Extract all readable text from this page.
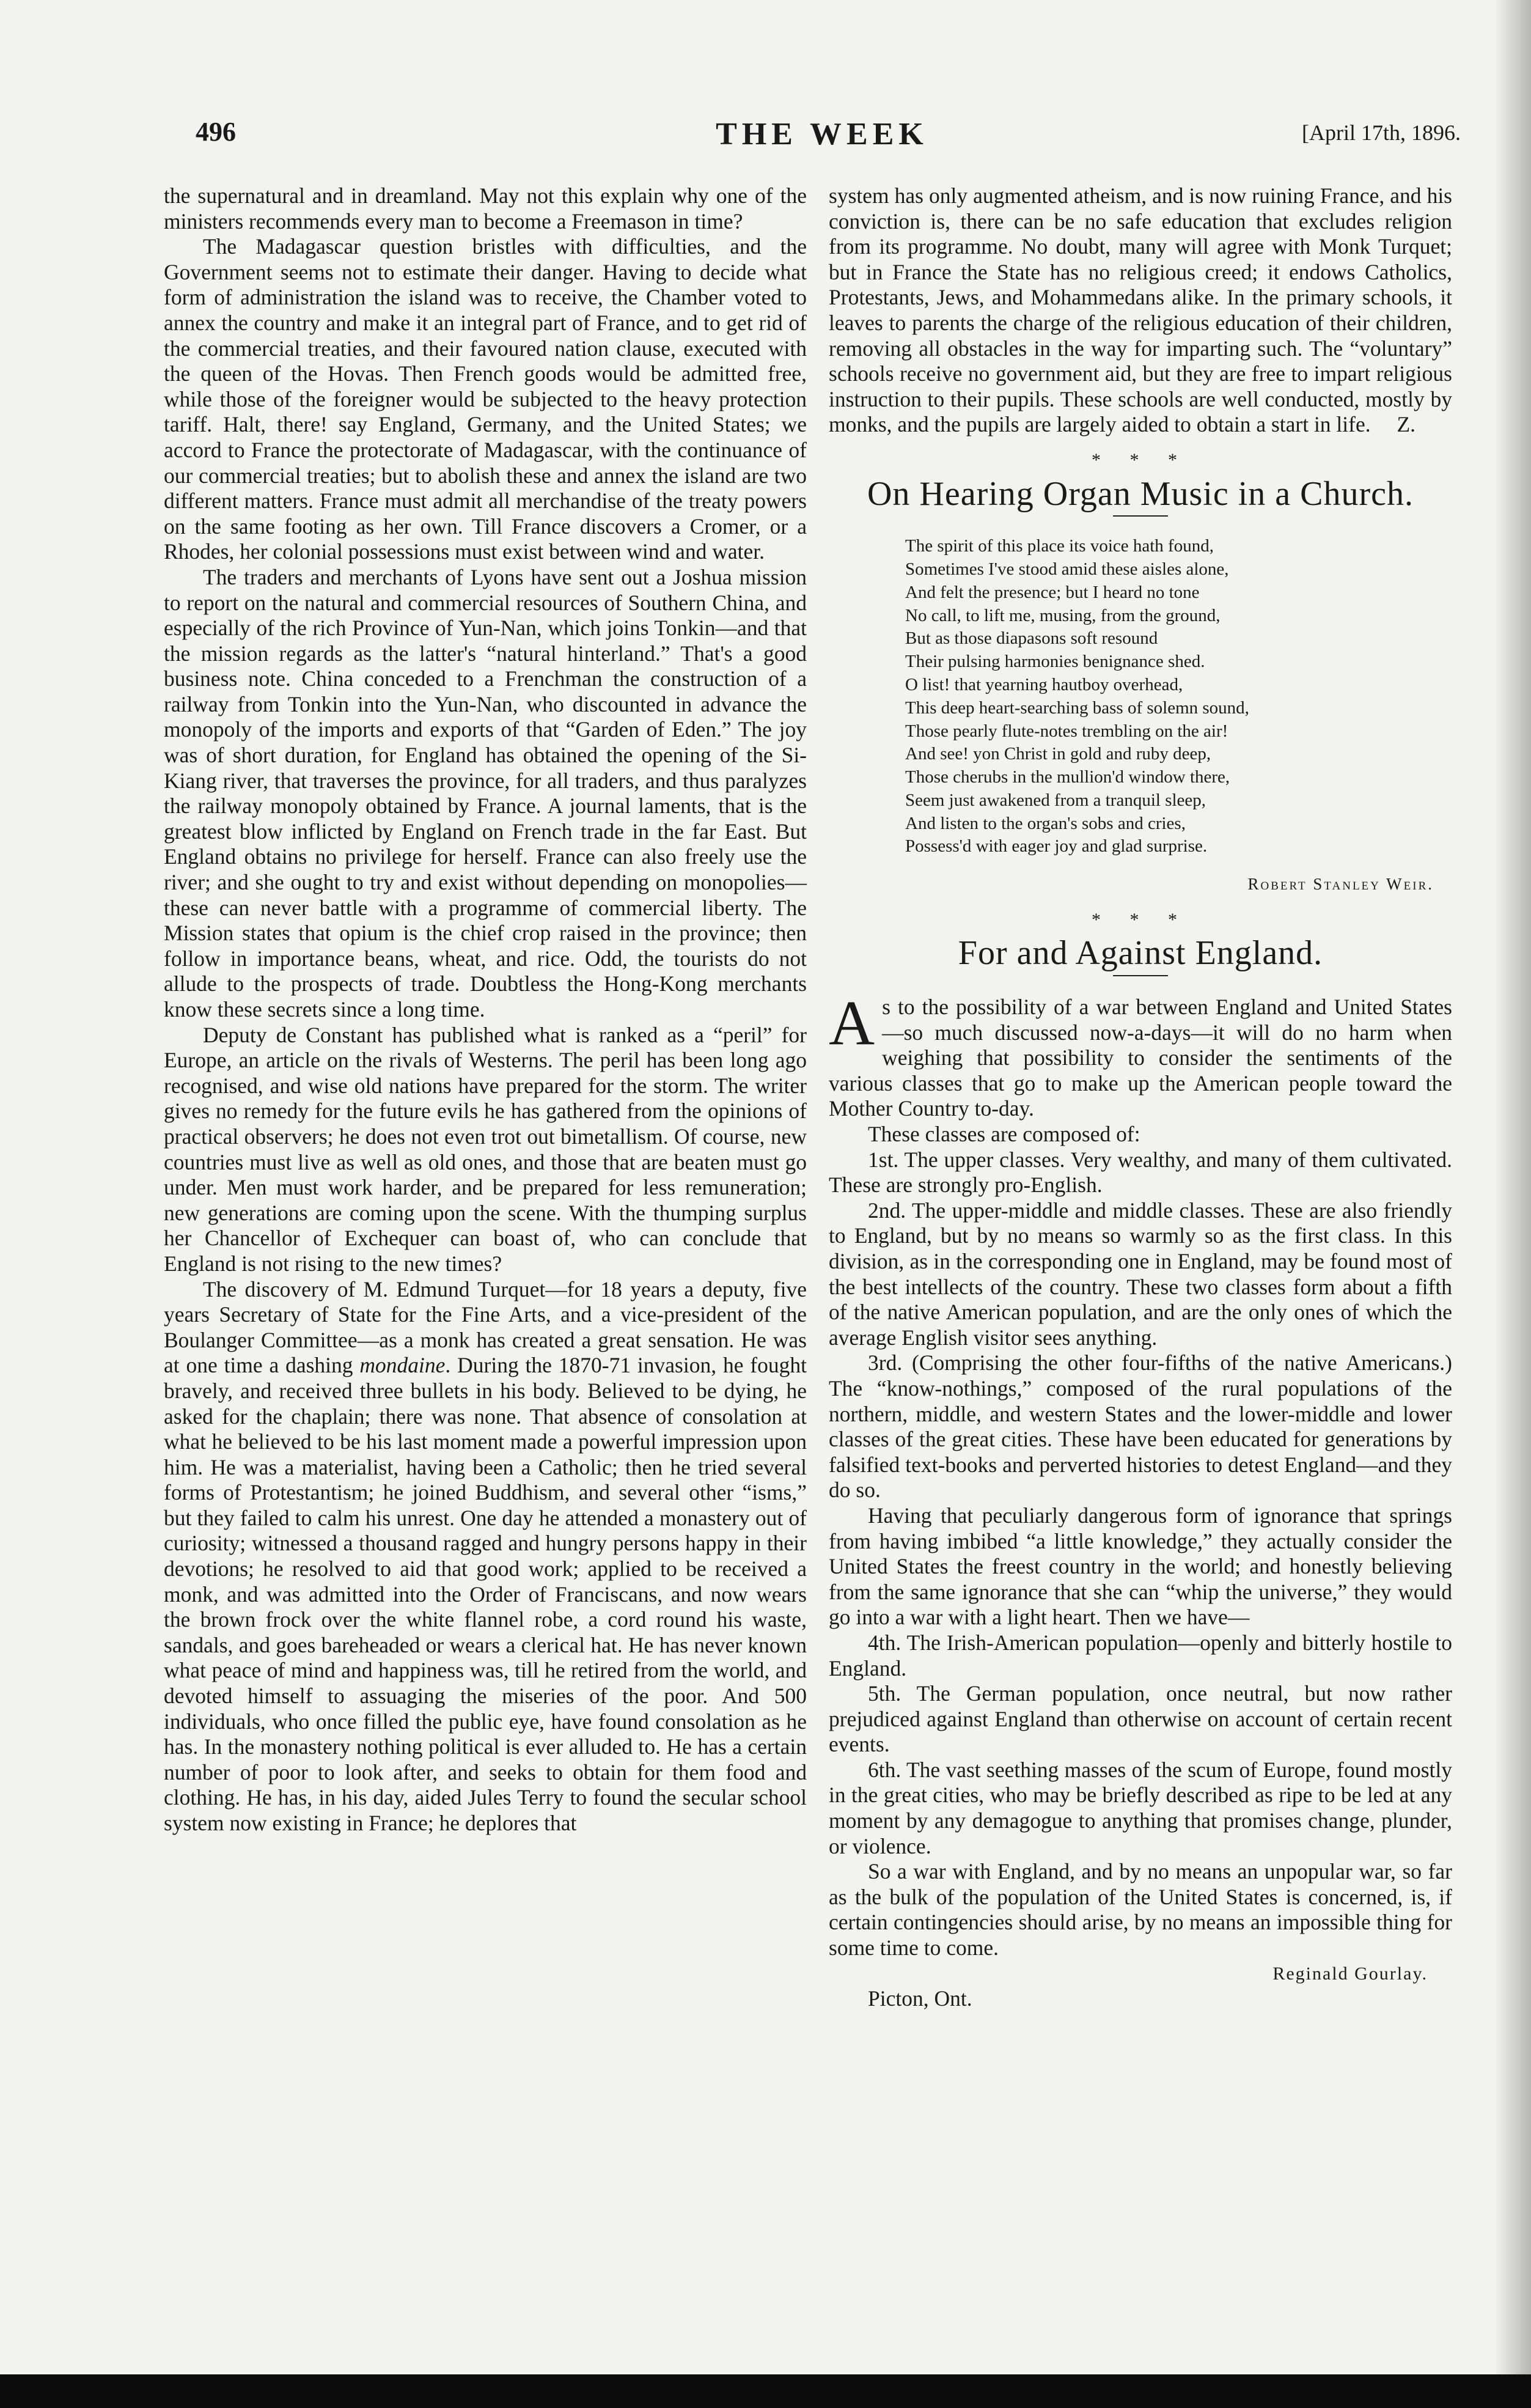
496	THE WEEK	[April 17th, 1896.

the supernatural and in dreamland. May not this explain why one of the ministers recommends every man to become a Freemason in time?

The Madagascar question bristles with difficulties, and the Government seems not to estimate their danger. Having to decide what form of administration the island was to receive, the Chamber voted to annex the country and make it an integral part of France, and to get rid of the commercial treaties, and their favoured nation clause, executed with the queen of the Hovas. Then French goods would be admitted free, while those of the foreigner would be subjected to the heavy protection tariff. Halt, there! say England, Germany, and the United States; we accord to France the protectorate of Madagascar, with the continuance of our commercial treaties; but to abolish these and annex the island are two different matters. France must admit all merchandise of the treaty powers on the same footing as her own. Till France discovers a Cromer, or a Rhodes, her colonial possessions must exist between wind and water.

The traders and merchants of Lyons have sent out a Joshua mission to report on the natural and commercial resources of Southern China, and especially of the rich Province of Yun-Nan, which joins Tonkin—and that the mission regards as the latter's “natural hinterland.” That's a good business note. China conceded to a Frenchman the construction of a railway from Tonkin into the Yun-Nan, who discounted in advance the monopoly of the imports and exports of that “Garden of Eden.” The joy was of short duration, for England has obtained the opening of the Si-Kiang river, that traverses the province, for all traders, and thus paralyzes the railway monopoly obtained by France. A journal laments, that is the greatest blow inflicted by England on French trade in the far East. But England obtains no privilege for herself. France can also freely use the river; and she ought to try and exist without depending on monopolies—these can never battle with a programme of commercial liberty. The Mission states that opium is the chief crop raised in the province; then follow in importance beans, wheat, and rice. Odd, the tourists do not allude to the prospects of trade. Doubtless the Hong-Kong merchants know these secrets since a long time.

Deputy de Constant has published what is ranked as a “peril” for Europe, an article on the rivals of Westerns. The peril has been long ago recognised, and wise old nations have prepared for the storm. The writer gives no remedy for the future evils he has gathered from the opinions of practical observers; he does not even trot out bimetallism. Of course, new countries must live as well as old ones, and those that are beaten must go under. Men must work harder, and be prepared for less remuneration; new generations are coming upon the scene. With the thumping surplus her Chancellor of Exchequer can boast of, who can conclude that England is not rising to the new times?

The discovery of M. Edmund Turquet—for 18 years a deputy, five years Secretary of State for the Fine Arts, and a vice-president of the Boulanger Committee—as a monk has created a great sensation. He was at one time a dashing mondaine. During the 1870-71 invasion, he fought bravely, and received three bullets in his body. Believed to be dying, he asked for the chaplain; there was none. That absence of consolation at what he believed to be his last moment made a powerful impression upon him. He was a materialist, having been a Catholic; then he tried several forms of Protestantism; he joined Buddhism, and several other “isms,” but they failed to calm his unrest. One day he attended a monastery out of curiosity; witnessed a thousand ragged and hungry persons happy in their devotions; he resolved to aid that good work; applied to be received a monk, and was admitted into the Order of Franciscans, and now wears the brown frock over the white flannel robe, a cord round his waste, sandals, and goes bareheaded or wears a clerical hat. He has never known what peace of mind and happiness was, till he retired from the world, and devoted himself to assuaging the miseries of the poor. And 500 individuals, who once filled the public eye, have found consolation as he has. In the monastery nothing political is ever alluded to. He has a certain number of poor to look after, and seeks to obtain for them food and clothing. He has, in his day, aided Jules Terry to found the secular school system now existing in France; he deplores that

system has only augmented atheism, and is now ruining France, and his conviction is, there can be no safe education that excludes religion from its programme. No doubt, many will agree with Monk Turquet; but in France the State has no religious creed; it endows Catholics, Protestants, Jews, and Mohammedans alike. In the primary schools, it leaves to parents the charge of the religious education of their children, removing all obstacles in the way for imparting such. The “voluntary” schools receive no government aid, but they are free to impart religious instruction to their pupils. These schools are well conducted, mostly by monks, and the pupils are largely aided to obtain a start in life. Z.

* * *
On Hearing Organ Music in a Church.
The spirit of this place its voice hath found,
Sometimes I've stood amid these aisles alone,
And felt the presence; but I heard no tone
No call, to lift me, musing, from the ground,
But as those diapasons soft resound
Their pulsing harmonies benignance shed.
O list! that yearning hautboy overhead,
This deep heart-searching bass of solemn sound,
Those pearly flute-notes trembling on the air!
And see! yon Christ in gold and ruby deep,
Those cherubs in the mullion'd window there,
Seem just awakened from a tranquil sleep,
And listen to the organ's sobs and cries,
Possess'd with eager joy and glad surprise.
Robert Stanley Weir.
* * *
For and Against England.

As to the possibility of a war between England and United States—so much discussed now-a-days—it will do no harm when weighing that possibility to consider the sentiments of the various classes that go to make up the American people toward the Mother Country to-day.

These classes are composed of:

1st. The upper classes. Very wealthy, and many of them cultivated. These are strongly pro-English.

2nd. The upper-middle and middle classes. These are also friendly to England, but by no means so warmly so as the first class. In this division, as in the corresponding one in England, may be found most of the best intellects of the country. These two classes form about a fifth of the native American population, and are the only ones of which the average English visitor sees anything.

3rd. (Comprising the other four-fifths of the native Americans.) The “know-nothings,” composed of the rural populations of the northern, middle, and western States and the lower-middle and lower classes of the great cities. These have been educated for generations by falsified text-books and perverted histories to detest England—and they do so.

Having that peculiarly dangerous form of ignorance that springs from having imbibed “a little knowledge,” they actually consider the United States the freest country in the world; and honestly believing from the same ignorance that she can “whip the universe,” they would go into a war with a light heart. Then we have—

4th. The Irish-American population—openly and bitterly hostile to England.

5th. The German population, once neutral, but now rather prejudiced against England than otherwise on account of certain recent events.

6th. The vast seething masses of the scum of Europe, found mostly in the great cities, who may be briefly described as ripe to be led at any moment by any demagogue to anything that promises change, plunder, or violence.

So a war with England, and by no means an unpopular war, so far as the bulk of the population of the United States is concerned, is, if certain contingencies should arise, by no means an impossible thing for some time to come.

Reginald Gourlay.

Picton, Ont.
